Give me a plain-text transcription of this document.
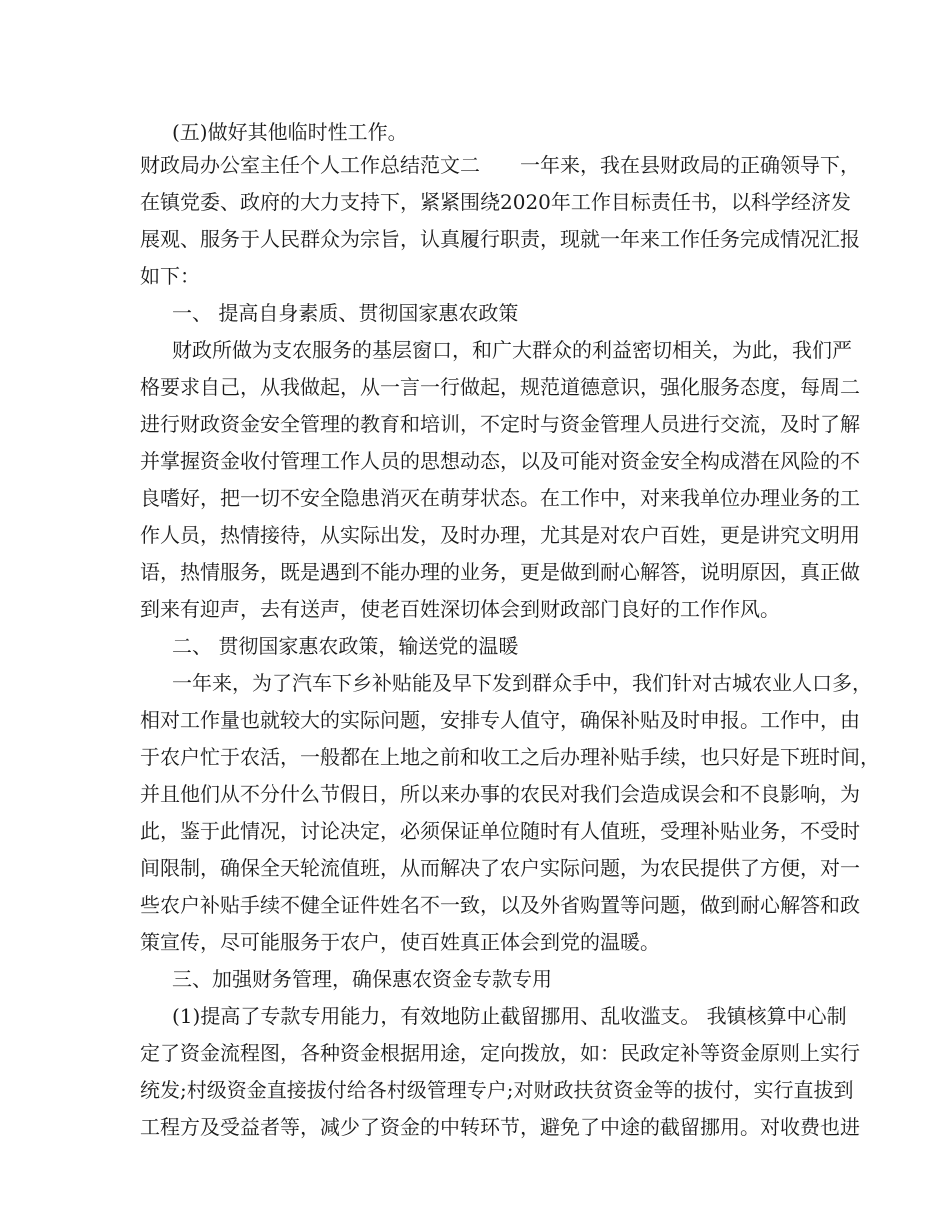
(五)做好其他临时性工作。
财政局办公室主任个人工作总结范文二　　一年来，我在县财政局的正确领导下，
在镇党委、政府的大力支持下，紧紧围绕2020年工作目标责任书，以科学经济发
展观、服务于人民群众为宗旨，认真履行职责，现就一年来工作任务完成情况汇报
如下：
一、 提高自身素质、贯彻国家惠农政策
财政所做为支农服务的基层窗口，和广大群众的利益密切相关，为此，我们严
格要求自己，从我做起，从一言一行做起，规范道德意识，强化服务态度，每周二
进行财政资金安全管理的教育和培训，不定时与资金管理人员进行交流，及时了解
并掌握资金收付管理工作人员的思想动态，以及可能对资金安全构成潜在风险的不
良嗜好，把一切不安全隐患消灭在萌芽状态。在工作中，对来我单位办理业务的工
作人员，热情接待，从实际出发，及时办理，尤其是对农户百姓，更是讲究文明用
语，热情服务，既是遇到不能办理的业务，更是做到耐心解答，说明原因，真正做
到来有迎声，去有送声，使老百姓深切体会到财政部门良好的工作作风。
二、 贯彻国家惠农政策，输送党的温暖
一年来，为了汽车下乡补贴能及早下发到群众手中，我们针对古城农业人口多，
相对工作量也就较大的实际问题，安排专人值守，确保补贴及时申报。工作中，由
于农户忙于农活，一般都在上地之前和收工之后办理补贴手续，也只好是下班时间，
并且他们从不分什么节假日，所以来办事的农民对我们会造成误会和不良影响，为
此，鉴于此情况，讨论决定，必须保证单位随时有人值班，受理补贴业务，不受时
间限制，确保全天轮流值班，从而解决了农户实际问题，为农民提供了方便，对一
些农户补贴手续不健全证件姓名不一致，以及外省购置等问题，做到耐心解答和政
策宣传，尽可能服务于农户，使百姓真正体会到党的温暖。
三、加强财务管理，确保惠农资金专款专用
(1)提高了专款专用能力，有效地防止截留挪用、乱收滥支。 我镇核算中心制
定了资金流程图，各种资金根据用途，定向拨放，如：民政定补等资金原则上实行
统发;村级资金直接拔付给各村级管理专户;对财政扶贫资金等的拔付，实行直拔到
工程方及受益者等，减少了资金的中转环节，避免了中途的截留挪用。对收费也进
